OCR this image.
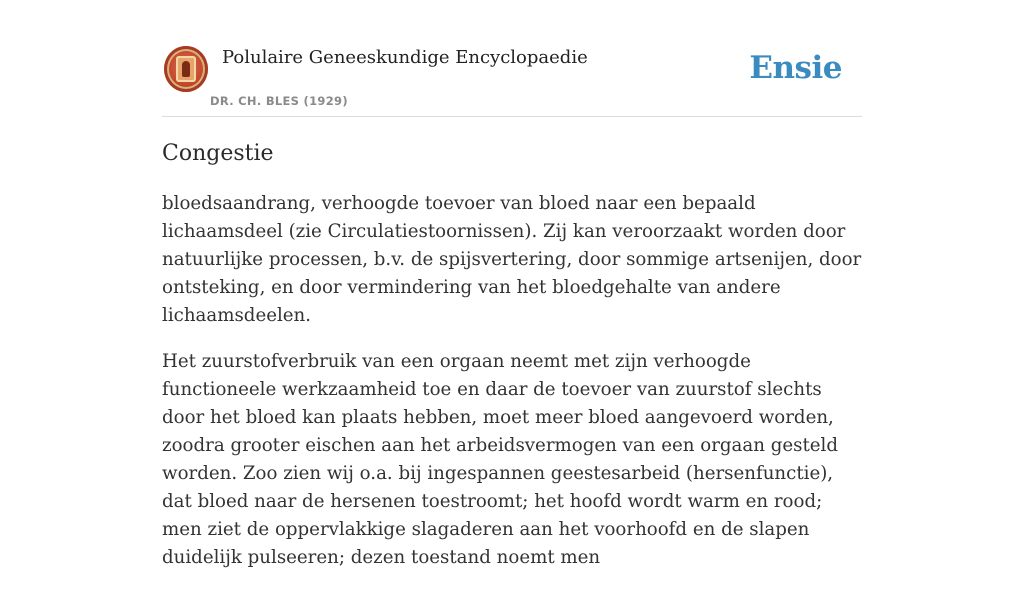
Polulaire Geneeskundige Encyclopaedie
DR. CH. BLES (1929)
Ensie
Congestie

bloedsaandrang, verhoogde toevoer van bloed naar een bepaald lichaamsdeel (zie Circulatiestoornissen). Zij kan veroorzaakt worden door natuurlijke processen, b.v. de spijsvertering, door sommige artsenijen, door ontsteking, en door vermindering van het bloedgehalte van andere lichaamsdeelen.

Het zuurstofverbruik van een orgaan neemt met zijn verhoogde functioneele werkzaamheid toe en daar de toevoer van zuurstof slechts door het bloed kan plaats hebben, moet meer bloed aangevoerd worden, zoodra grooter eischen aan het arbeidsvermogen van een orgaan gesteld worden. Zoo zien wij o.a. bij ingespannen geestesarbeid (hersenfunctie), dat bloed naar de hersenen toestroomt; het hoofd wordt warm en rood; men ziet de oppervlakkige slagaderen aan het voorhoofd en de slapen duidelijk pulseeren; dezen toestand noemt men
